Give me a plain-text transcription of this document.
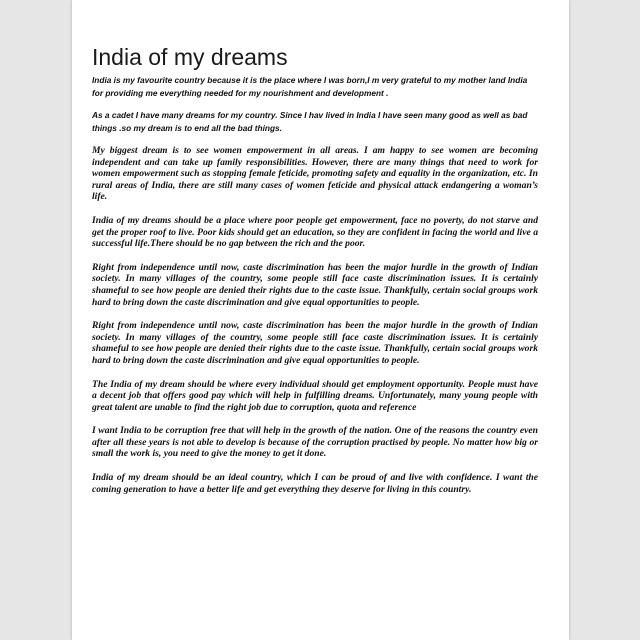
India of my dreams

India is my favourite country because it is the place where I was born,I m very grateful to my mother land India for providing me everything needed for my nourishment and development .

As a cadet I have many dreams for my country. Since I hav lived in India I have seen many good as well as bad things .so my dream is to end all the bad things.

My biggest dream is to see women empowerment in all areas. I am happy to see women are becoming independent and can take up family responsibilities. However, there are many things that need to work for women empowerment such as stopping female feticide, promoting safety and equality in the organization, etc. In rural areas of India, there are still many cases of women feticide and physical attack endangering a woman’s life.

India of my dreams should be a place where poor people get empowerment, face no poverty, do not starve and get the proper roof to live. Poor kids should get an education, so they are confident in facing the world and live a successful life.There should be no gap between the rich and the poor.

Right from independence until now, caste discrimination has been the major hurdle in the growth of Indian society. In many villages of the country, some people still face caste discrimination issues. It is certainly shameful to see how people are denied their rights due to the caste issue. Thankfully, certain social groups work hard to bring down the caste discrimination and give equal opportunities to people.

Right from independence until now, caste discrimination has been the major hurdle in the growth of Indian society. In many villages of the country, some people still face caste discrimination issues. It is certainly shameful to see how people are denied their rights due to the caste issue. Thankfully, certain social groups work hard to bring down the caste discrimination and give equal opportunities to people.

The India of my dream should be where every individual should get employment opportunity. People must have a decent job that offers good pay which will help in fulfilling dreams. Unfortunately, many young people with great talent are unable to find the right job due to corruption, quota and reference

I want India to be corruption free that will help in the growth of the nation. One of the reasons the country even after all these years is not able to develop is because of the corruption practised by people. No matter how big or small the work is, you need to give the money to get it done.

India of my dream should be an ideal country, which I can be proud of and live with confidence. I want the coming generation to have a better life and get everything they deserve for living in this country.
